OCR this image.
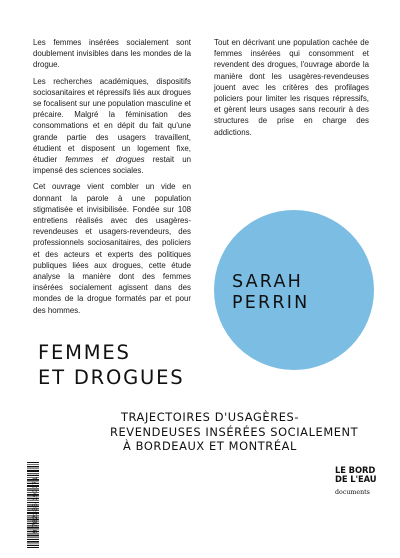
Les femmes insérées socialement sont doublement invisibles dans les mondes de la drogue.

Les recherches académiques, dispositifs sociosanitaires et répressifs liés aux drogues se focalisent sur une population masculine et précaire. Malgré la féminisation des consommations et en dépit du fait qu'une grande partie des usagers travaillent, étudient et disposent un logement fixe, étudier femmes et drogues restait un impensé des sciences sociales.

Cet ouvrage vient combler un vide en donnant la parole à une population stigmatisée et invisibilisée. Fondée sur 108 entretiens réalisés avec des usagères-revendeuses et usagers-revendeurs, des professionnels sociosanitaires, des policiers et des acteurs et experts des politiques publiques liées aux drogues, cette étude analyse la manière dont des femmes insérées socialement agissent dans des mondes de la drogue formatés par et pour des hommes.

Tout en décrivant une population cachée de femmes insérées qui consomment et revendent des drogues, l'ouvrage aborde la manière dont les usagères-revendeuses jouent avec les critères des profilages policiers pour limiter les risques répressifs, et gèrent leurs usages sans recourir à des structures de prise en charge des addictions.

SARAH
PERRIN
FEMMES
ET DROGUES
TRAJECTOIRES D'USAGÈRES-
REVENDEUSES INSÉRÉES SOCIALEMENT
À BORDEAUX ET MONTRÉAL
9 782385 190071
LE BORD
DE L'EAU
documents
